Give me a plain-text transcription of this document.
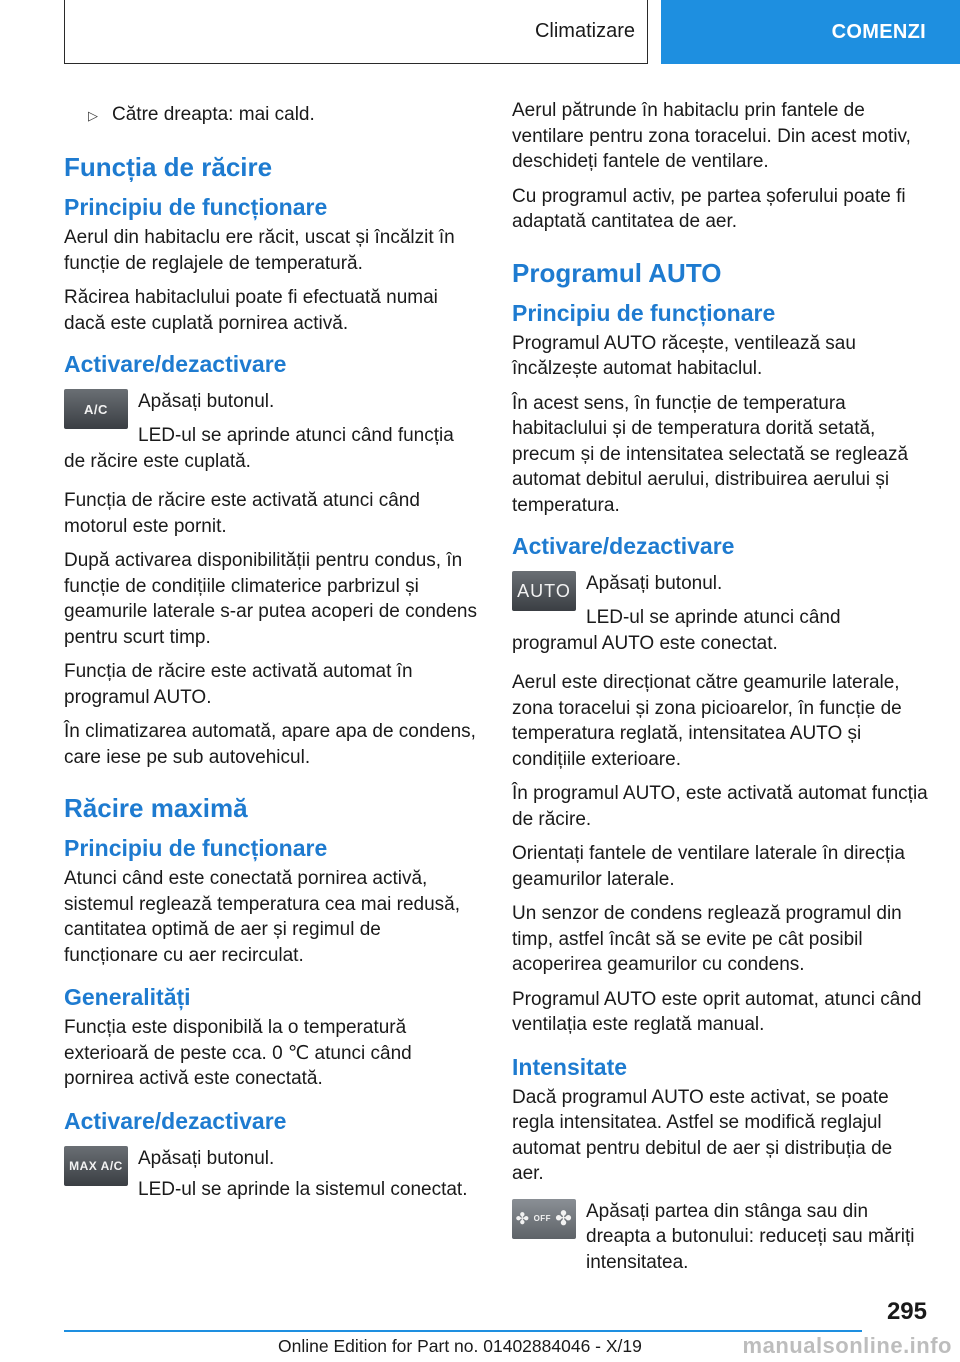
Climatizare	COMENZI
▷ Către dreapta: mai cald.
Funcția de răcire
Principiu de funcționare

Aerul din habitaclu ere răcit, uscat și încălzit în funcție de reglajele de temperatură.

Răcirea habitaclului poate fi efectuată numai dacă este cuplată pornirea activă.

Activare/dezactivare
A/C	Apăsați butonul.

LED-ul se aprinde atunci când funcția de răcire este cuplată.

Funcția de răcire este activată atunci când motorul este pornit.

După activarea disponibilității pentru condus, în funcție de condițiile climaterice parbrizul și geamurile laterale s-ar putea acoperi de condens pentru scurt timp.

Funcția de răcire este activată automat în programul AUTO.

În climatizarea automată, apare apa de condens, care iese pe sub autovehicul.

Răcire maximă
Principiu de funcționare

Atunci când este conectată pornirea activă, sistemul reglează temperatura cea mai redusă, cantitatea optimă de aer și regimul de funcționare cu aer recirculat.

Generalități

Funcția este disponibilă la o temperatură exterioară de peste cca. 0 ℃ atunci când pornirea activă este conectată.

Activare/dezactivare
MAX A/C Apăsați butonul.

LED-ul se aprinde la sistemul conectat.

Aerul pătrunde în habitaclu prin fantele de ventilare pentru zona toracelui. Din acest motiv, deschideți fantele de ventilare.

Cu programul activ, pe partea șoferului poate fi adaptată cantitatea de aer.

Programul AUTO
Principiu de funcționare

Programul AUTO răcește, ventilează sau încălzește automat habitaclul.

În acest sens, în funcție de temperatura habitaclului și de temperatura dorită setată, precum și de intensitatea selectată se reglează automat debitul aerului, distribuirea aerului și temperatura.

Activare/dezactivare
AUTO Apăsați butonul.

LED-ul se aprinde atunci când programul AUTO este conectat.

Aerul este direcționat către geamurile laterale, zona toracelui și zona picioarelor, în funcție de temperatura reglată, intensitatea AUTO și condițiile exterioare.

În programul AUTO, este activată automat funcția de răcire.

Orientați fantele de ventilare laterale în direcția geamurilor laterale.

Un senzor de condens reglează programul din timp, astfel încât să se evite pe cât posibil acoperirea geamurilor cu condens.

Programul AUTO este oprit automat, atunci când ventilația este reglată manual.

Intensitate

Dacă programul AUTO este activat, se poate regla intensitatea. Astfel se modifică reglajul automat pentru debitul de aer și distribuția de aer.

✤ OFF ✤ Apăsați partea din stânga sau din dreapta a butonului: reduceți sau măriți intensitatea.

295
Online Edition for Part no. 01402884046 - X/19	manualsonline.info
